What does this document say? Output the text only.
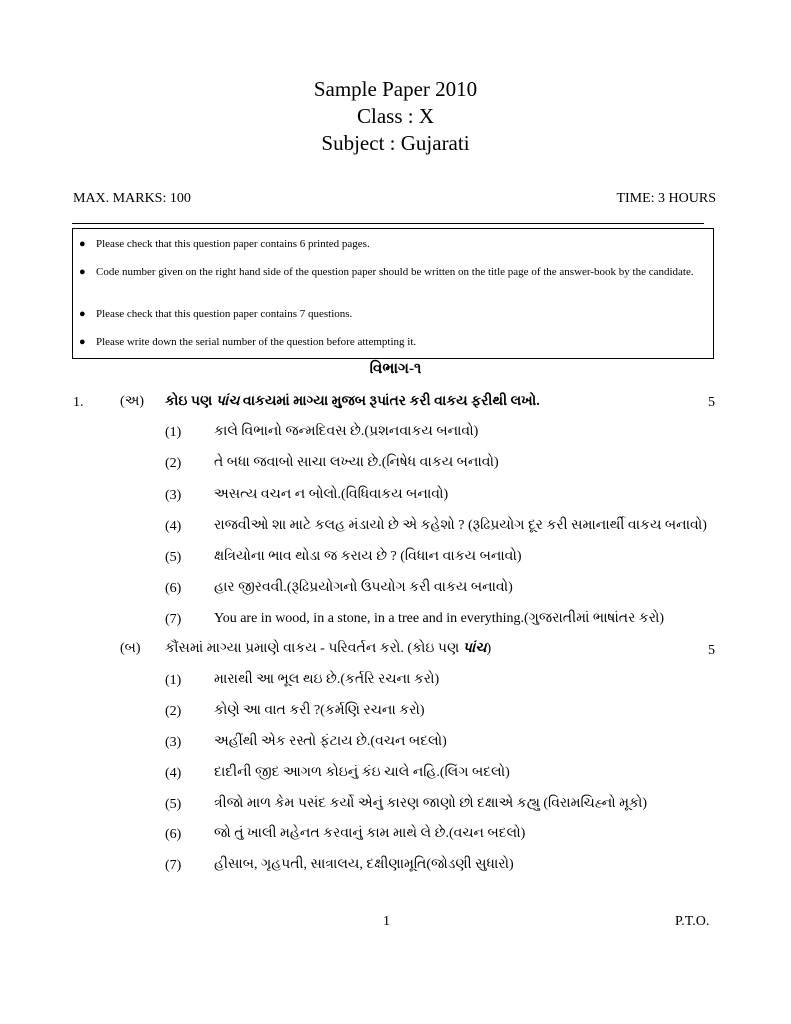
Sample Paper 2010
Class : X
Subject : Gujarati
MAX. MARKS: 100	TIME: 3 HOURS
● Please check that this question paper contains 6 printed pages.
● Code number given on the right hand side of the question paper should be written on the title page of the answer-book by the candidate.
● Please check that this question paper contains 7 questions.
● Please write down the serial number of the question before attempting it.
વિભાગ-૧
1.	(અ) કોઇ પણ પાંચ વાકયમાં માગ્યા મુજબ રૂપાંતર કરી વાકય ફરીથી લખો.	5
(1) કાલે વિભાનો જન્મદિવસ છે.(પ્રશનવાકય બનાવો)
(2) તે બધા જવાબો સાચા લખ્યા છે.(નિષેધ વાકય બનાવો)
(3) અસત્ય વચન ન બોલો.(વિધિવાકય બનાવો)
(4) રાજવીઓ શા માટે કલહ મંડાયો છે એ કહેશો ? (રૂઢિપ્રયોગ દૂર કરી સમાનાર્થી વાકય બનાવો)
(5) ક્ષત્રિયોના ભાવ થોડા જ કરાય છે ? (વિધાન વાકય બનાવો)
(6) હાર જીરવવી.(રૂઢિપ્રયોગનો ઉપયોગ કરી વાકય બનાવો)
(7) You are in wood, in a stone, in a tree and in everything.(ગુજરાતીમાં ભાષાંતર કરો)
(બ) કૌંસમાં માગ્યા પ્રમાણે વાકય - પરિવર્તન કરો. (કોઇ પણ પાંચ)	5
(1) મારાથી આ ભૂલ થઇ છે.(કર્તરિ રચના કરો)
(2) કોણે આ વાત કરી ?(કર્મણિ રચના કરો)
(3) અહીંથી એક રસ્તો ફંટાય છે.(વચન બદલો)
(4) દાદીની જીદ આગળ કોઇનું કંઇ ચાલે નહિ.(લિંગ બદલો)
(5) ત્રીજો માળ કેમ પસંદ કર્યો એનું કારણ જાણો છો દક્ષાએ કહ્યુ (વિરામચિહ્નો મૂકો)
(6) જો તું ખાલી મહેનત કરવાનું કામ માથે લે છે.(વચન બદલો)
(7) હીસાબ, ગૃહપતી, સાત્રાલય, દક્ષીણામૂતિ(જોડણી સુધારો)
1	P.T.O.
